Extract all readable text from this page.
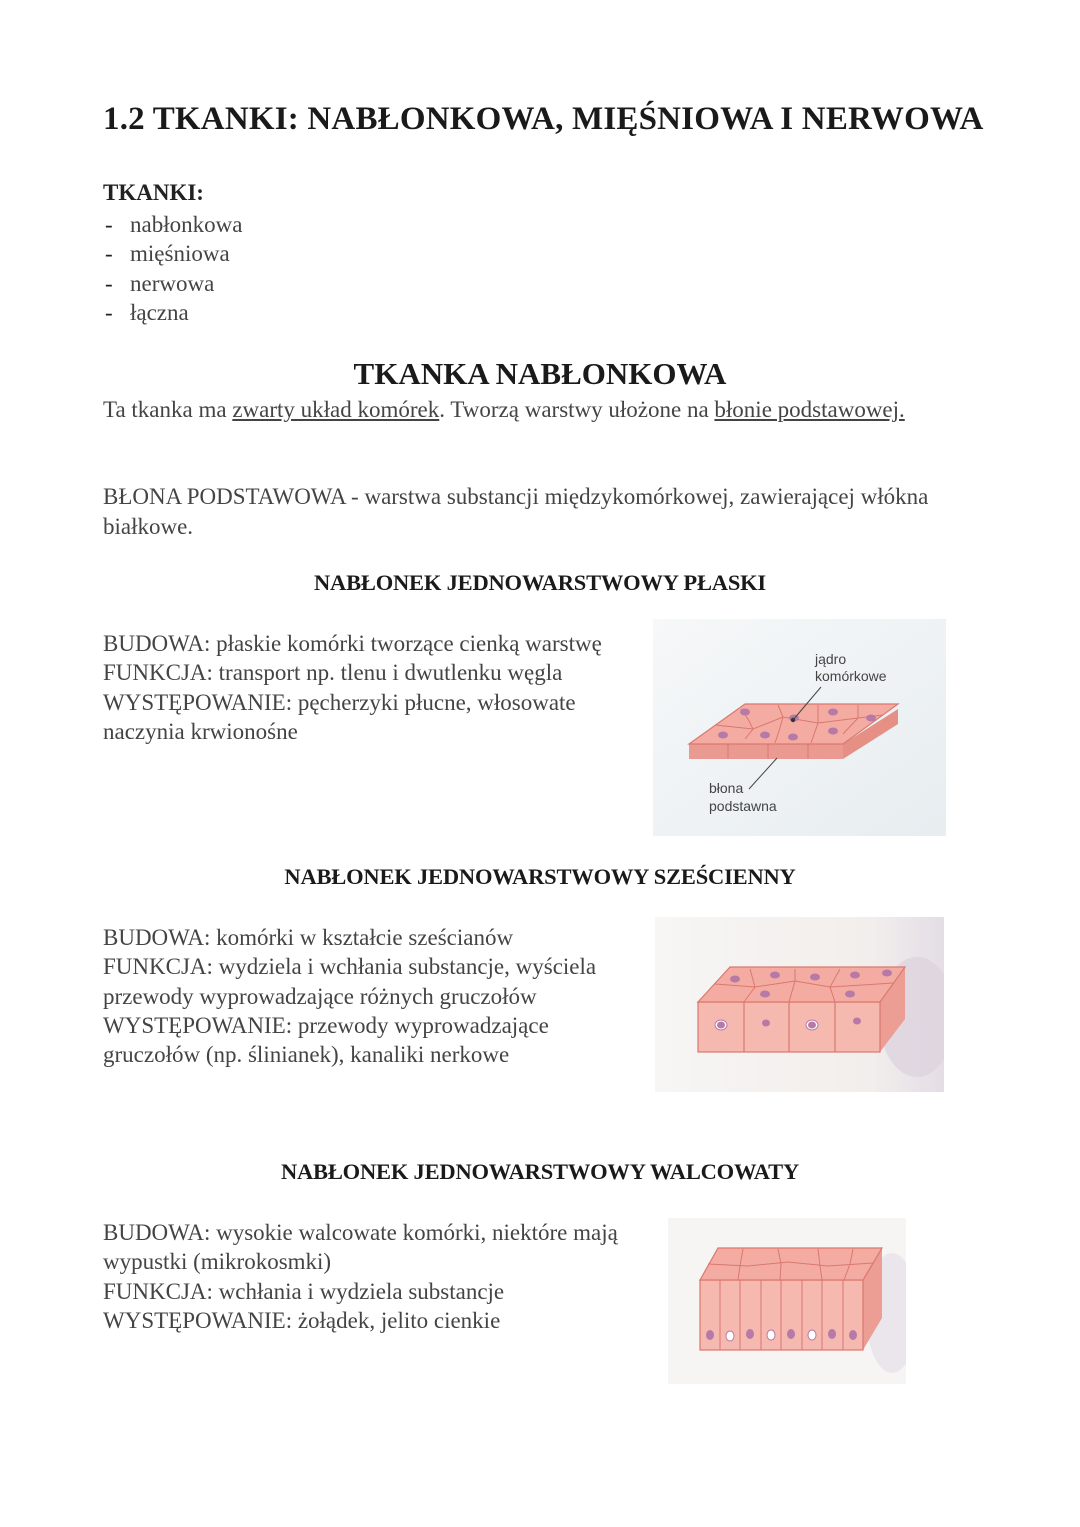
1.2 TKANKI: NABŁONKOWA, MIĘŚNIOWA I NERWOWA
TKANKI:
- nabłonkowa
- mięśniowa
- nerwowa
- łączna
TKANKA NABŁONKOWA
Ta tkanka ma zwarty układ komórek. Tworzą warstwy ułożone na błonie podstawowej.
BŁONA PODSTAWOWA - warstwa substancji międzykomórkowej, zawierającej włókna białkowe.
NABŁONEK JEDNOWARSTWOWY PŁASKI
BUDOWA: płaskie komórki tworzące cienką warstwę
FUNKCJA: transport np. tlenu i dwutlenku węgla
WYSTĘPOWANIE: pęcherzyki płucne, włosowate naczynia krwionośne
jądro
komórkowe
błona
podstawna
NABŁONEK JEDNOWARSTWOWY SZEŚCIENNY
BUDOWA: komórki w kształcie sześcianów
FUNKCJA: wydziela i wchłania substancje, wyściela przewody wyprowadzające różnych gruczołów
WYSTĘPOWANIE: przewody wyprowadzające gruczołów (np. ślinianek), kanaliki nerkowe
NABŁONEK JEDNOWARSTWOWY WALCOWATY
BUDOWA: wysokie walcowate komórki, niektóre mają wypustki (mikrokosmki)
FUNKCJA: wchłania i wydziela substancje
WYSTĘPOWANIE: żołądek, jelito cienkie
